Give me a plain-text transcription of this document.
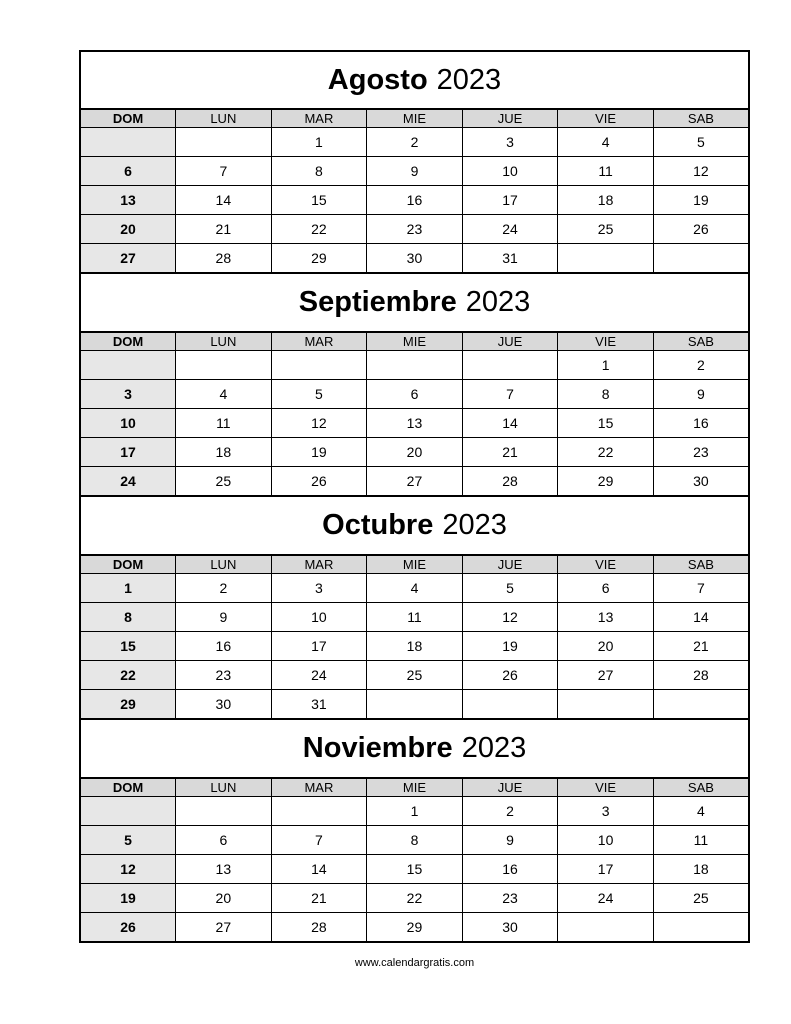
Agosto 2023
DOM	LUN	MAR	MIE	JUE	VIE	SAB
		1	2	3	4	5
6	7	8	9	10	11	12
13	14	15	16	17	18	19
20	21	22	23	24	25	26
27	28	29	30	31		
Septiembre 2023
DOM	LUN	MAR	MIE	JUE	VIE	SAB
					1	2
3	4	5	6	7	8	9
10	11	12	13	14	15	16
17	18	19	20	21	22	23
24	25	26	27	28	29	30
Octubre 2023
DOM	LUN	MAR	MIE	JUE	VIE	SAB
1	2	3	4	5	6	7
8	9	10	11	12	13	14
15	16	17	18	19	20	21
22	23	24	25	26	27	28
29	30	31				
Noviembre 2023
DOM	LUN	MAR	MIE	JUE	VIE	SAB
			1	2	3	4
5	6	7	8	9	10	11
12	13	14	15	16	17	18
19	20	21	22	23	24	25
26	27	28	29	30		
www.calendargratis.com
